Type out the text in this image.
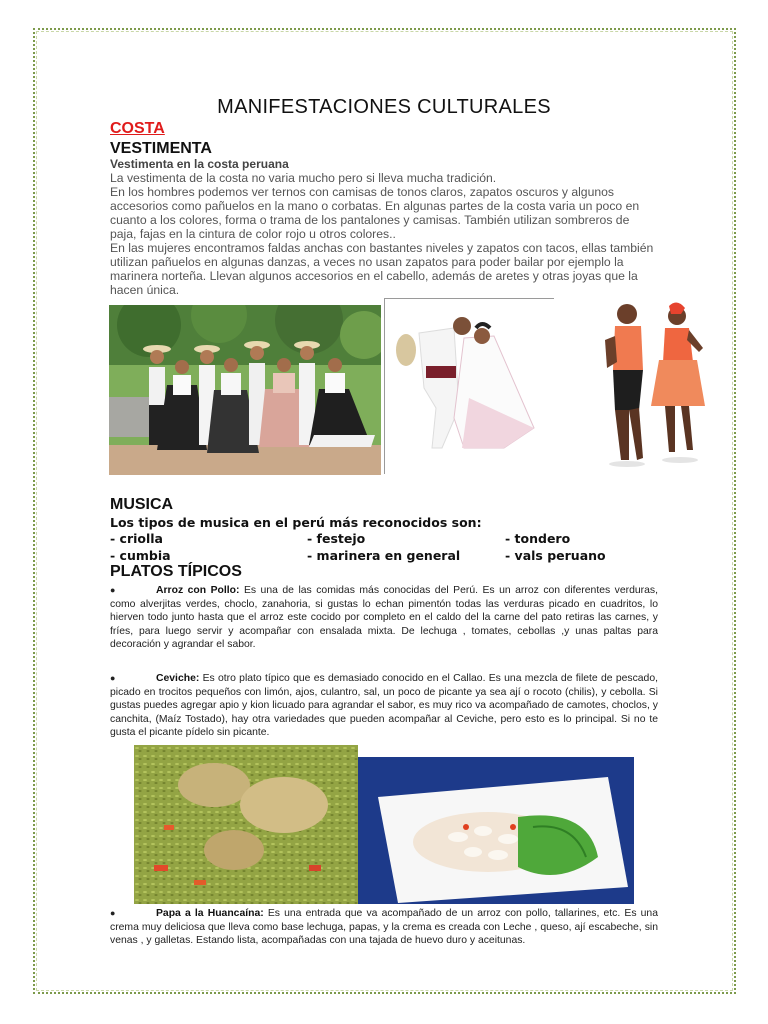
MANIFESTACIONES CULTURALES
COSTA
VESTIMENTA
Vestimenta en la costa peruana

La vestimenta de la costa no varia mucho pero si lleva mucha tradición.

En los hombres podemos ver ternos con camisas de tonos claros, zapatos oscuros y algunos accesorios como pañuelos en la mano o corbatas. En algunas partes de la costa varia un poco en cuanto a los colores, forma o trama de los pantalones y camisas. También utilizan sombreros de paja, fajas en la cintura de color rojo u otros colores..

En las mujeres encontramos faldas anchas con bastantes niveles y zapatos con tacos, ellas también utilizan pañuelos en algunas danzas, a veces no usan zapatos para poder bailar por ejemplo la marinera norteña. Llevan algunos accesorios en el cabello, además de aretes y otras joyas que la hacen única.

MUSICA
Los tipos de musica en el perú más reconocidos son:
- criolla	- festejo	- tondero
- cumbia	- marinera en general	- vals peruano
PLATOS TÍPICOS
●	Arroz con Pollo: Es una de las comidas más conocidas del Perú. Es un arroz con diferentes verduras, como alverjitas verdes, choclo, zanahoria, si gustas lo echan pimentón todas las verduras picado en cuadritos, lo hierven todo junto hasta que el arroz este cocido por completo en el caldo del la carne del pato retiras las carnes, y fríes, para luego servir y acompañar con ensalada mixta. De lechuga , tomates, cebollas ,y unas paltas para decoración y agrandar el sabor.
●	Ceviche: Es otro plato típico que es demasiado conocido en el Callao. Es una mezcla de filete de pescado, picado en trocitos pequeños con limón, ajos, culantro, sal, un poco de picante ya sea ají o rocoto (chilis), y cebolla. Si gustas puedes agregar apio y kion licuado para agrandar el sabor, es muy rico va acompañado de camotes, choclos, y canchita, (Maíz Tostado), hay otra variedades que pueden acompañar al Ceviche, pero esto es lo principal. Si no te gusta el picante pídelo sin picante.
●	Papa a la Huancaína: Es una entrada que va acompañado de un arroz con pollo, tallarines, etc. Es una crema muy deliciosa que lleva como base lechuga, papas, y la crema es creada con Leche , queso, ají escabeche, sin venas , y galletas. Estando lista, acompañadas con una tajada de huevo duro y aceitunas.
